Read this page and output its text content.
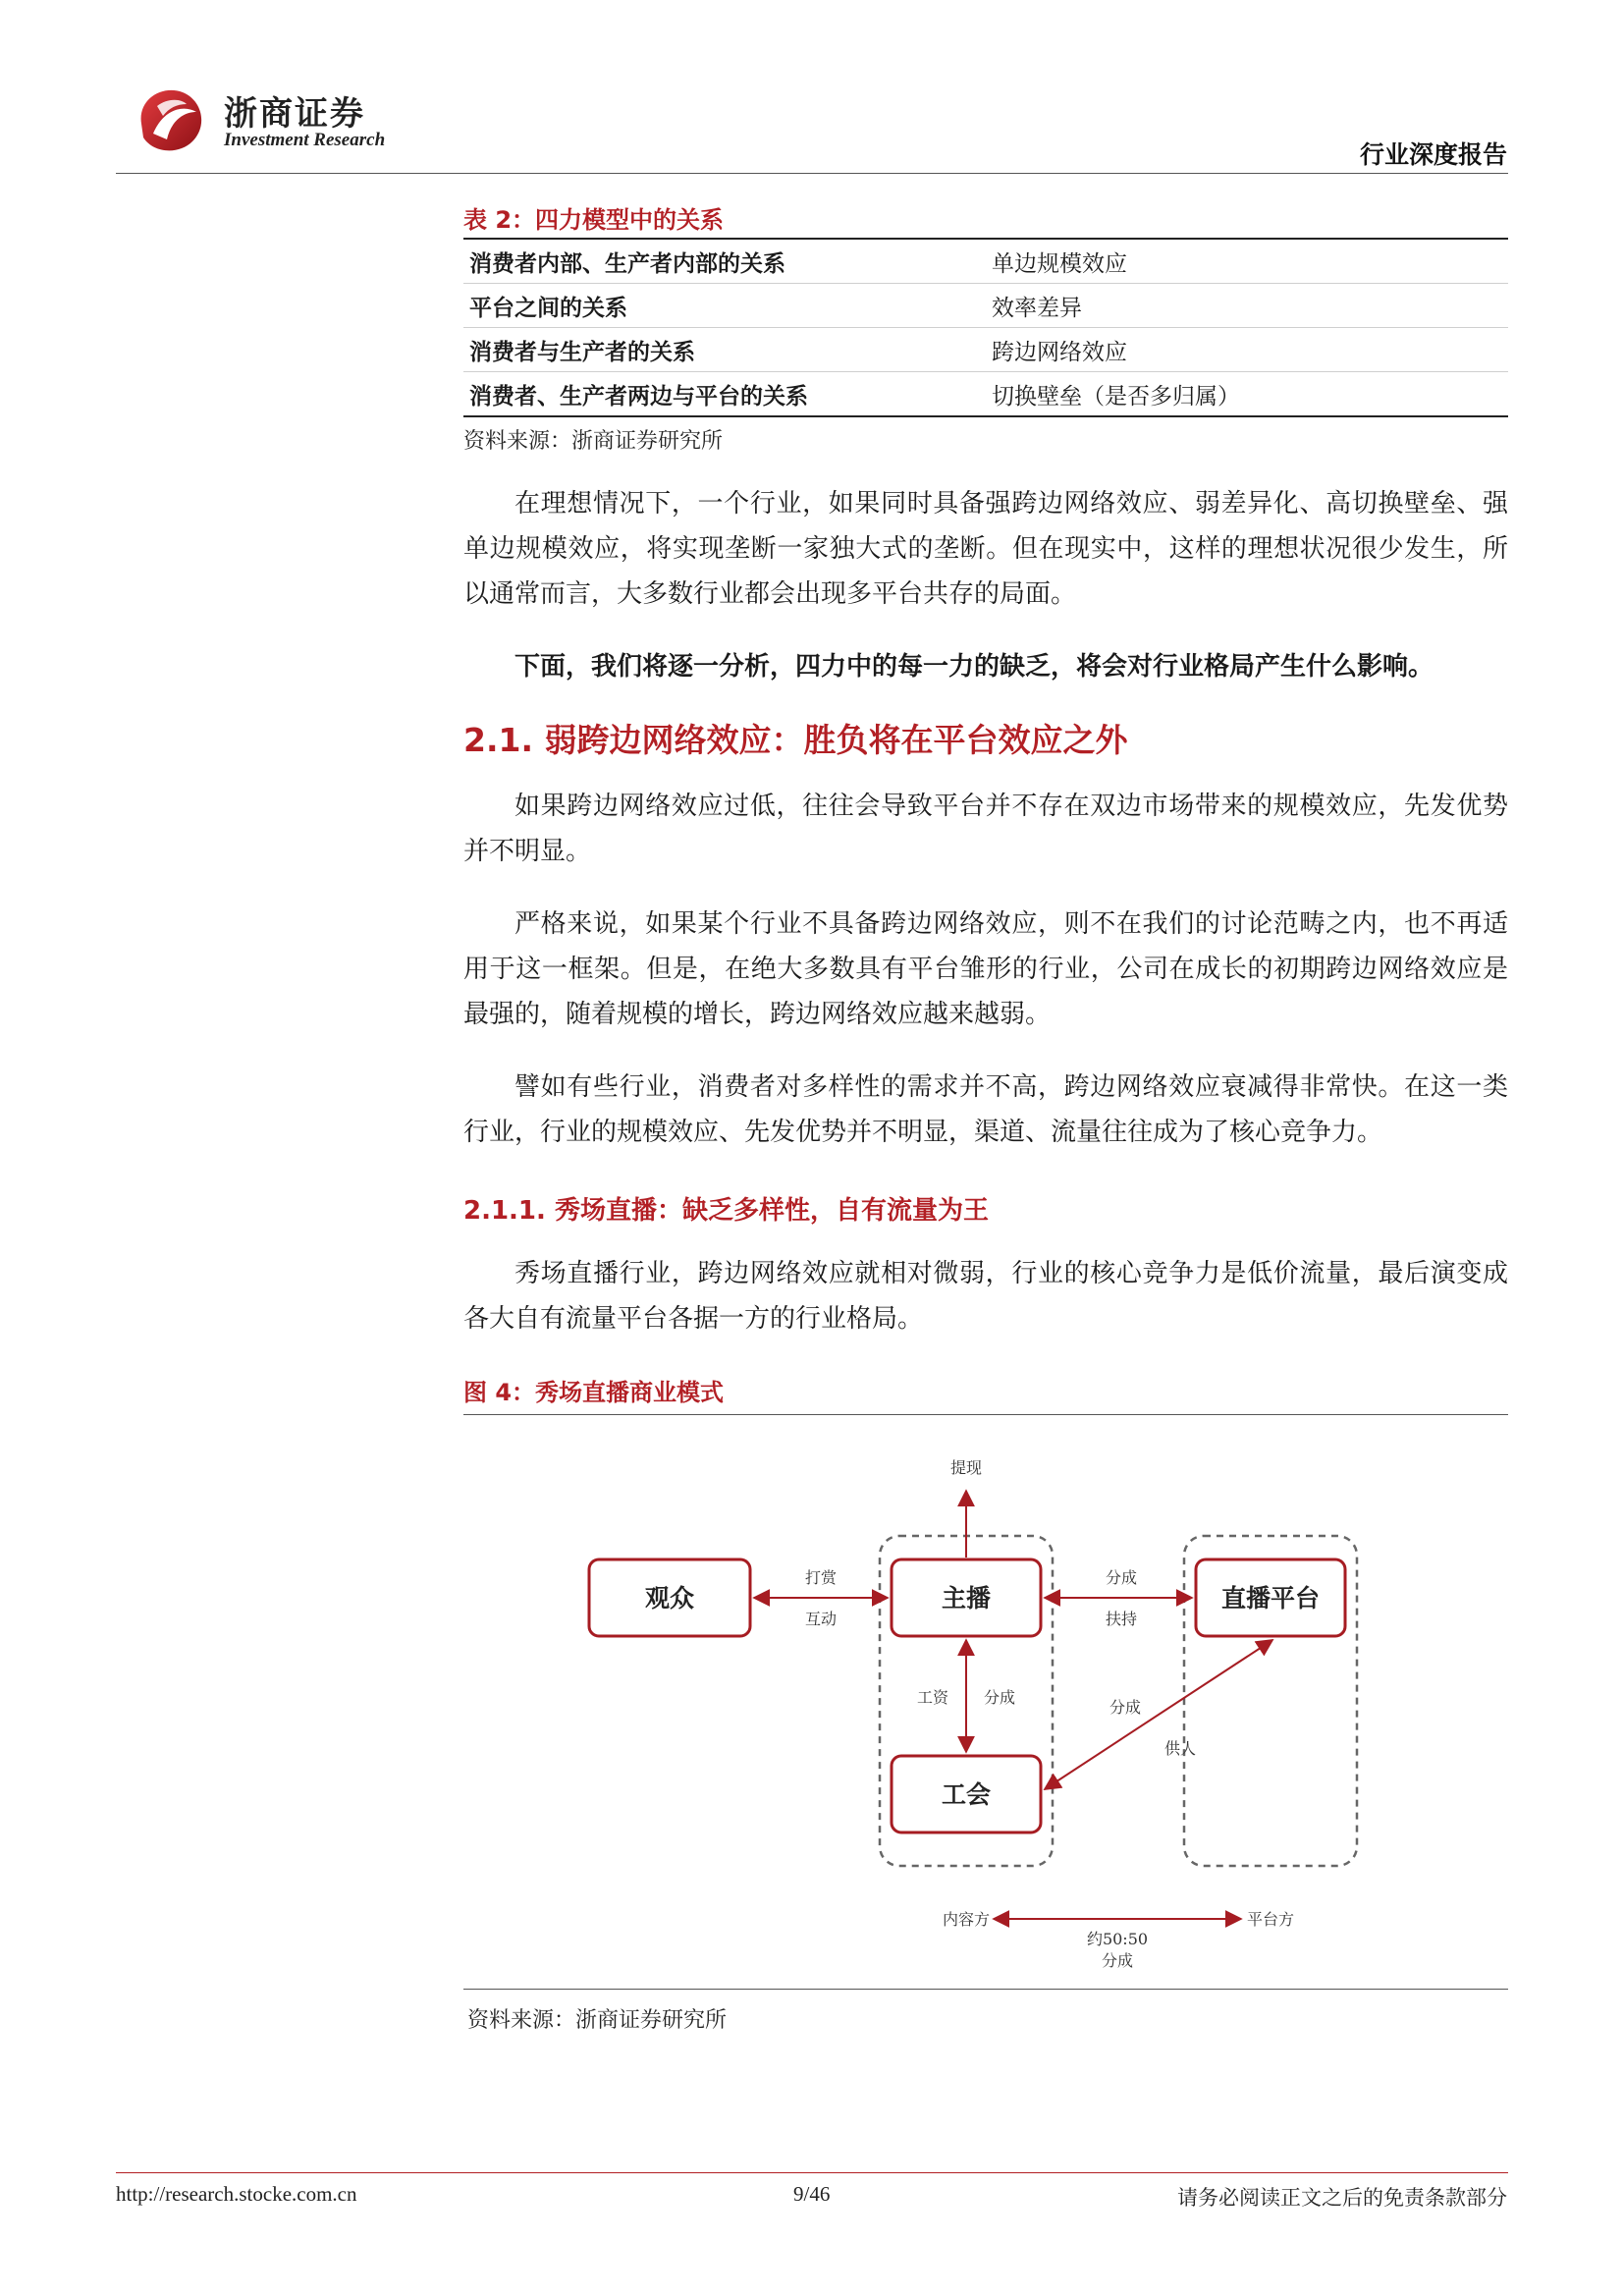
浙商证券
Investment Research
行业深度报告
表 2：四力模型中的关系
消费者内部、生产者内部的关系	单边规模效应
平台之间的关系	效率差异
消费者与生产者的关系	跨边网络效应
消费者、生产者两边与平台的关系	切换壁垒（是否多归属）
资料来源：浙商证券研究所
在理想情况下，一个行业，如果同时具备强跨边网络效应、弱差异化、高切换壁垒、强单边规模效应，将实现垄断一家独大式的垄断。但在现实中，这样的理想状况很少发生，所以通常而言，大多数行业都会出现多平台共存的局面。
下面，我们将逐一分析，四力中的每一力的缺乏，将会对行业格局产生什么影响。
2.1. 弱跨边网络效应：胜负将在平台效应之外
如果跨边网络效应过低，往往会导致平台并不存在双边市场带来的规模效应，先发优势并不明显。
严格来说，如果某个行业不具备跨边网络效应，则不在我们的讨论范畴之内，也不再适用于这一框架。但是，在绝大多数具有平台雏形的行业，公司在成长的初期跨边网络效应是最强的，随着规模的增长，跨边网络效应越来越弱。
譬如有些行业，消费者对多样性的需求并不高，跨边网络效应衰减得非常快。在这一类行业，行业的规模效应、先发优势并不明显，渠道、流量往往成为了核心竞争力。
2.1.1. 秀场直播：缺乏多样性，自有流量为王
秀场直播行业，跨边网络效应就相对微弱，行业的核心竞争力是低价流量，最后演变成各大自有流量平台各据一方的行业格局。
图 4：秀场直播商业模式
观众	主播	直播平台
工会
提现
打赏
互动
分成
扶持
工资 分成
分成
供人
内容方	平台方
约50:50
分成
资料来源：浙商证券研究所
http://research.stocke.com.cn	9/46	请务必阅读正文之后的免责条款部分
